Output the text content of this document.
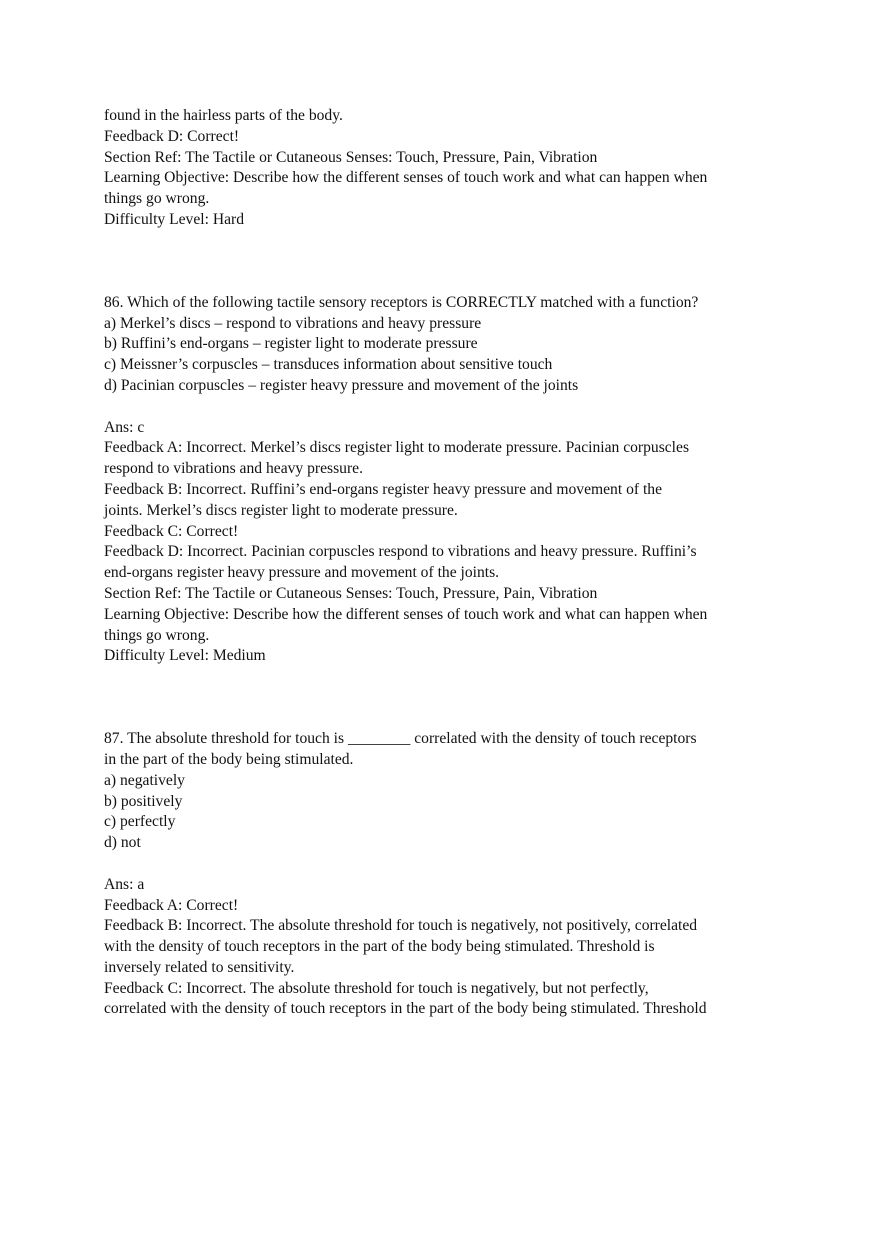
found in the hairless parts of the body.
Feedback D: Correct!
Section Ref: The Tactile or Cutaneous Senses: Touch, Pressure, Pain, Vibration
Learning Objective: Describe how the different senses of touch work and what can happen when
things go wrong.
Difficulty Level: Hard
86. Which of the following tactile sensory receptors is CORRECTLY matched with a function?
a) Merkel’s discs – respond to vibrations and heavy pressure
b) Ruffini’s end-organs – register light to moderate pressure
c) Meissner’s corpuscles – transduces information about sensitive touch
d) Pacinian corpuscles – register heavy pressure and movement of the joints
Ans: c
Feedback A: Incorrect. Merkel’s discs register light to moderate pressure. Pacinian corpuscles
respond to vibrations and heavy pressure.
Feedback B: Incorrect. Ruffini’s end-organs register heavy pressure and movement of the
joints. Merkel’s discs register light to moderate pressure.
Feedback C: Correct!
Feedback D: Incorrect. Pacinian corpuscles respond to vibrations and heavy pressure. Ruffini’s
end-organs register heavy pressure and movement of the joints.
Section Ref: The Tactile or Cutaneous Senses: Touch, Pressure, Pain, Vibration
Learning Objective: Describe how the different senses of touch work and what can happen when
things go wrong.
Difficulty Level: Medium
87. The absolute threshold for touch is ________ correlated with the density of touch receptors
in the part of the body being stimulated.
a) negatively
b) positively
c) perfectly
d) not
Ans: a
Feedback A: Correct!
Feedback B: Incorrect. The absolute threshold for touch is negatively, not positively, correlated
with the density of touch receptors in the part of the body being stimulated. Threshold is
inversely related to sensitivity.
Feedback C: Incorrect. The absolute threshold for touch is negatively, but not perfectly,
correlated with the density of touch receptors in the part of the body being stimulated. Threshold
